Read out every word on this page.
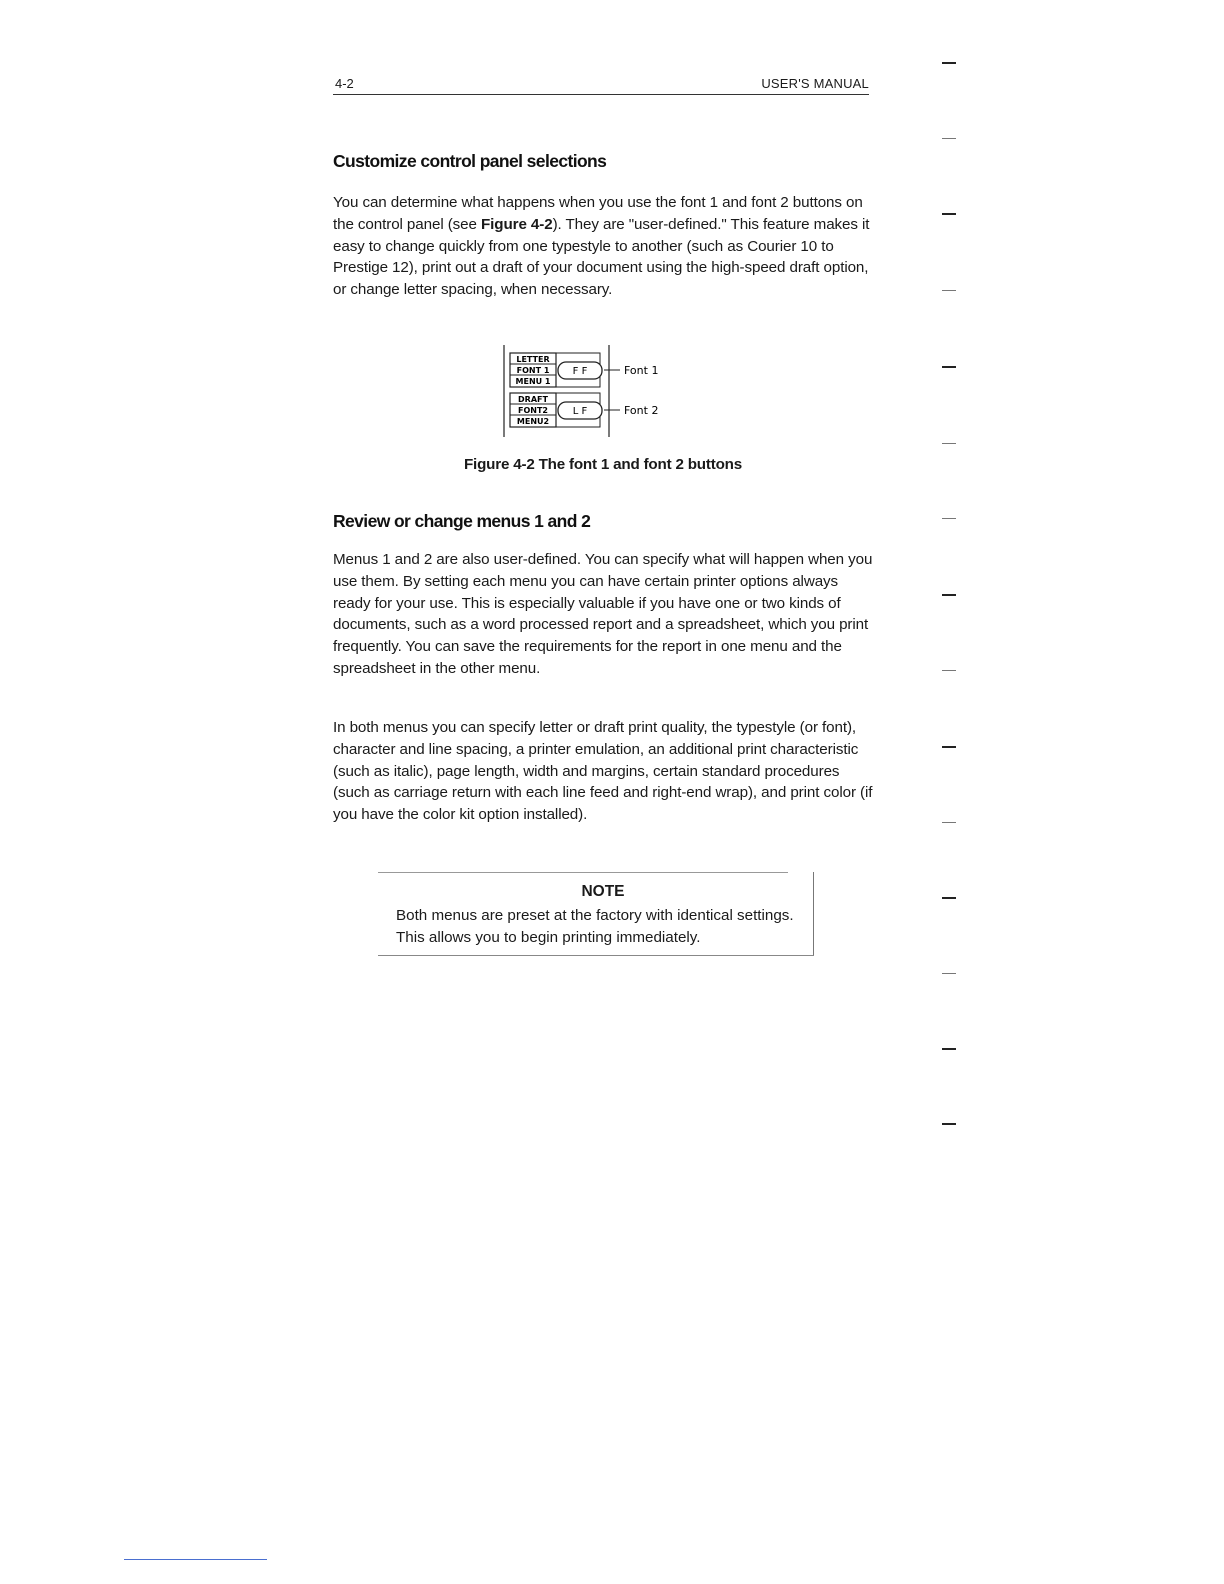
4-2	USER'S MANUAL
Customize control panel selections

You can determine what happens when you use the font 1 and font 2 buttons on the control panel (see Figure 4-2). They are "user-defined." This feature makes it easy to change quickly from one typestyle to another (such as Courier 10 to Prestige 12), print out a draft of your document using the high-speed draft option, or change letter spacing, when necessary.

LETTER
FONT 1
MENU 1
F F	Font 1
DRAFT
FONT2
MENU2
L F	Font 2
Figure 4-2 The font 1 and font 2 buttons
Review or change menus 1 and 2

Menus 1 and 2 are also user-defined. You can specify what will happen when you use them. By setting each menu you can have certain printer options always ready for your use. This is especially valuable if you have one or two kinds of documents, such as a word processed report and a spreadsheet, which you print frequently. You can save the requirements for the report in one menu and the spreadsheet in the other menu.

In both menus you can specify letter or draft print quality, the typestyle (or font), character and line spacing, a printer emulation, an additional print characteristic (such as italic), page length, width and margins, certain standard procedures (such as carriage return with each line feed and right-end wrap), and print color (if you have the color kit option installed).

NOTE
Both menus are preset at the factory with identical settings. This allows you to begin printing immediately.
